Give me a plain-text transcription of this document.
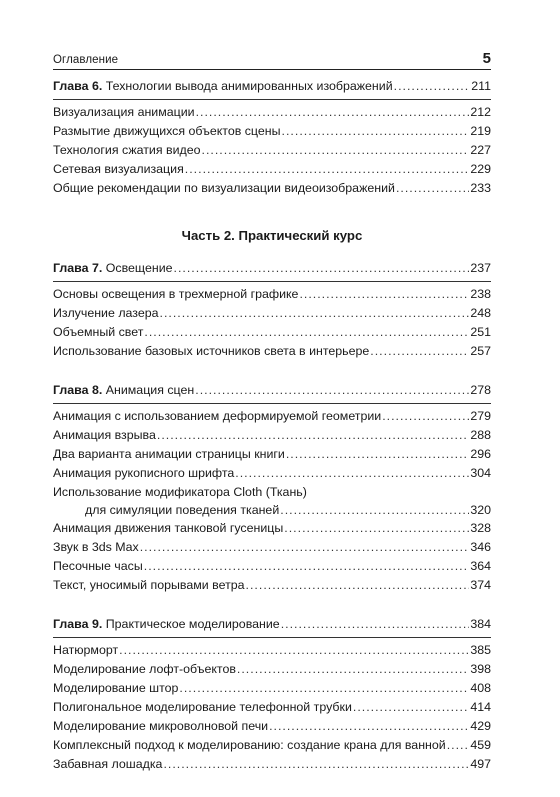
Оглавление	5
Глава 6. Технологии вывода анимированных изображений .....	211
Визуализация анимации .....	212
Размытие движущихся объектов сцены .....	219
Технология сжатия видео .....	227
Сетевая визуализация .....	229
Общие рекомендации по визуализации видеоизображений .....	233
Часть 2. Практический курс
Глава 7. Освещение .....	237
Основы освещения в трехмерной графике .....	238
Излучение лазера .....	248
Объемный свет .....	251
Использование базовых источников света в интерьере .....	257
Глава 8. Анимация сцен .....	278
Анимация с использованием деформируемой геометрии .....	279
Анимация взрыва .....	288
Два варианта анимации страницы книги .....	296
Анимация рукописного шрифта .....	304
Использование модификатора Cloth (Ткань)
для симуляции поведения тканей .....	320
Анимация движения танковой гусеницы .....	328
Звук в 3ds Max .....	346
Песочные часы .....	364
Текст, уносимый порывами ветра .....	374
Глава 9. Практическое моделирование .....	384
Натюрморт .....	385
Моделирование лофт-объектов .....	398
Моделирование штор .....	408
Полигональное моделирование телефонной трубки .....	414
Моделирование микроволновой печи .....	429
Комплексный подход к моделированию: создание крана для ванной ..... 459
Забавная лошадка .....	497
